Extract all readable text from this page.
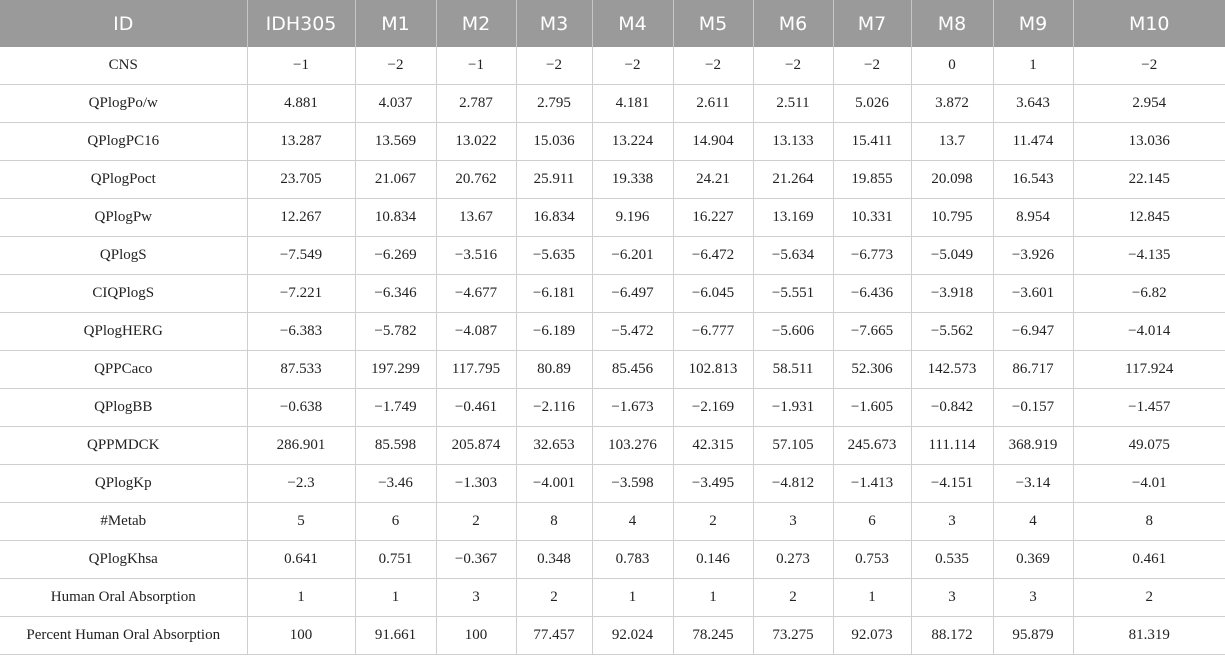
ID	IDH305	M1	M2	M3	M4	M5	M6	M7	M8	M9	M10
CNS	−1	−2	−1	−2	−2	−2	−2	−2	0	1	−2
QPlogPo/w	4.881	4.037	2.787	2.795	4.181	2.611	2.511	5.026	3.872	3.643	2.954
QPlogPC16	13.287	13.569	13.022	15.036	13.224	14.904	13.133	15.411	13.7	11.474	13.036
QPlogPoct	23.705	21.067	20.762	25.911	19.338	24.21	21.264	19.855	20.098	16.543	22.145
QPlogPw	12.267	10.834	13.67	16.834	9.196	16.227	13.169	10.331	10.795	8.954	12.845
QPlogS	−7.549	−6.269	−3.516	−5.635	−6.201	−6.472	−5.634	−6.773	−5.049	−3.926	−4.135
CIQPlogS	−7.221	−6.346	−4.677	−6.181	−6.497	−6.045	−5.551	−6.436	−3.918	−3.601	−6.82
QPlogHERG	−6.383	−5.782	−4.087	−6.189	−5.472	−6.777	−5.606	−7.665	−5.562	−6.947	−4.014
QPPCaco	87.533	197.299	117.795	80.89	85.456	102.813	58.511	52.306	142.573	86.717	117.924
QPlogBB	−0.638	−1.749	−0.461	−2.116	−1.673	−2.169	−1.931	−1.605	−0.842	−0.157	−1.457
QPPMDCK	286.901	85.598	205.874	32.653	103.276	42.315	57.105	245.673	111.114	368.919	49.075
QPlogKp	−2.3	−3.46	−1.303	−4.001	−3.598	−3.495	−4.812	−1.413	−4.151	−3.14	−4.01
#Metab	5	6	2	8	4	2	3	6	3	4	8
QPlogKhsa	0.641	0.751	−0.367	0.348	0.783	0.146	0.273	0.753	0.535	0.369	0.461
Human Oral Absorption	1	1	3	2	1	1	2	1	3	3	2
Percent Human Oral Absorption	100	91.661	100	77.457	92.024	78.245	73.275	92.073	88.172	95.879	81.319
